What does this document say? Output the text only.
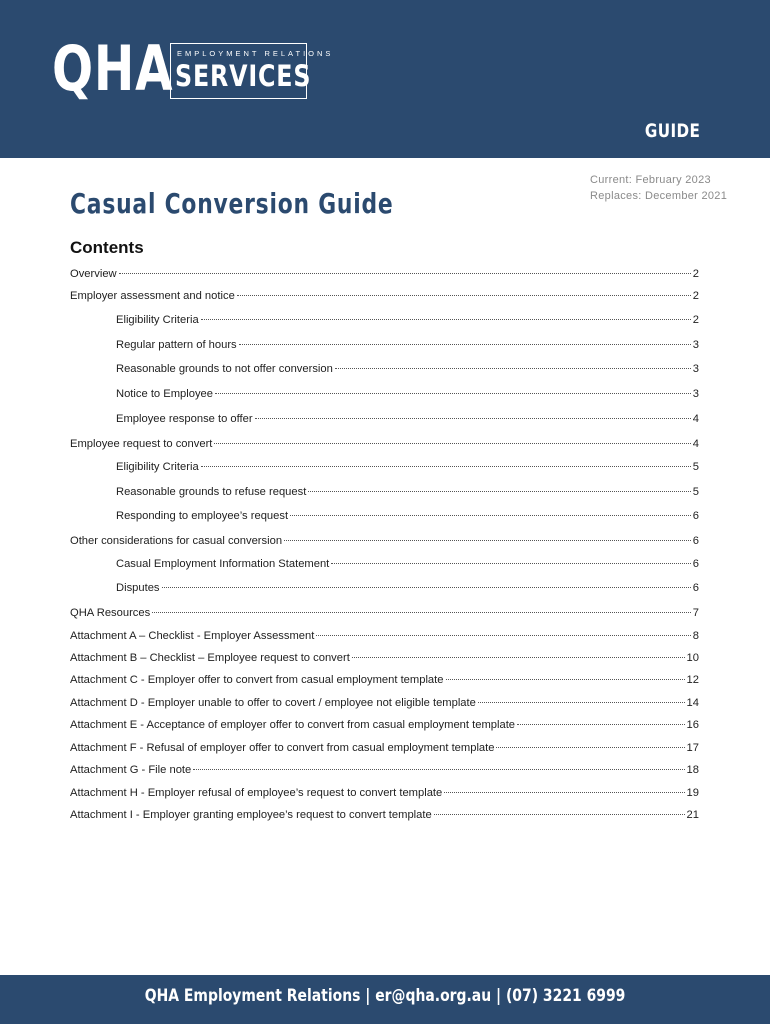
QHA EMPLOYMENT RELATIONS
SERVICES
GUIDE
Casual Conversion Guide
Current: February 2023
Replaces: December 2021
Contents
Overview	2
Employer assessment and notice	2
Eligibility Criteria	2
Regular pattern of hours	3
Reasonable grounds to not offer conversion	3
Notice to Employee	3
Employee response to offer	4
Employee request to convert	4
Eligibility Criteria	5
Reasonable grounds to refuse request	5
Responding to employee’s request	6
Other considerations for casual conversion	6
Casual Employment Information Statement	6
Disputes	6
QHA Resources	7
Attachment A – Checklist - Employer Assessment	8
Attachment B – Checklist – Employee request to convert	10
Attachment C - Employer offer to convert from casual employment template	12
Attachment D - Employer unable to offer to covert / employee not eligible template	14
Attachment E - Acceptance of employer offer to convert from casual employment template	16
Attachment F - Refusal of employer offer to convert from casual employment template	17
Attachment G - File note	18
Attachment H - Employer refusal of employee’s request to convert template	19
Attachment I - Employer granting employee’s request to convert template	21
QHA Employment Relations | er@qha.org.au | (07) 3221 6999
